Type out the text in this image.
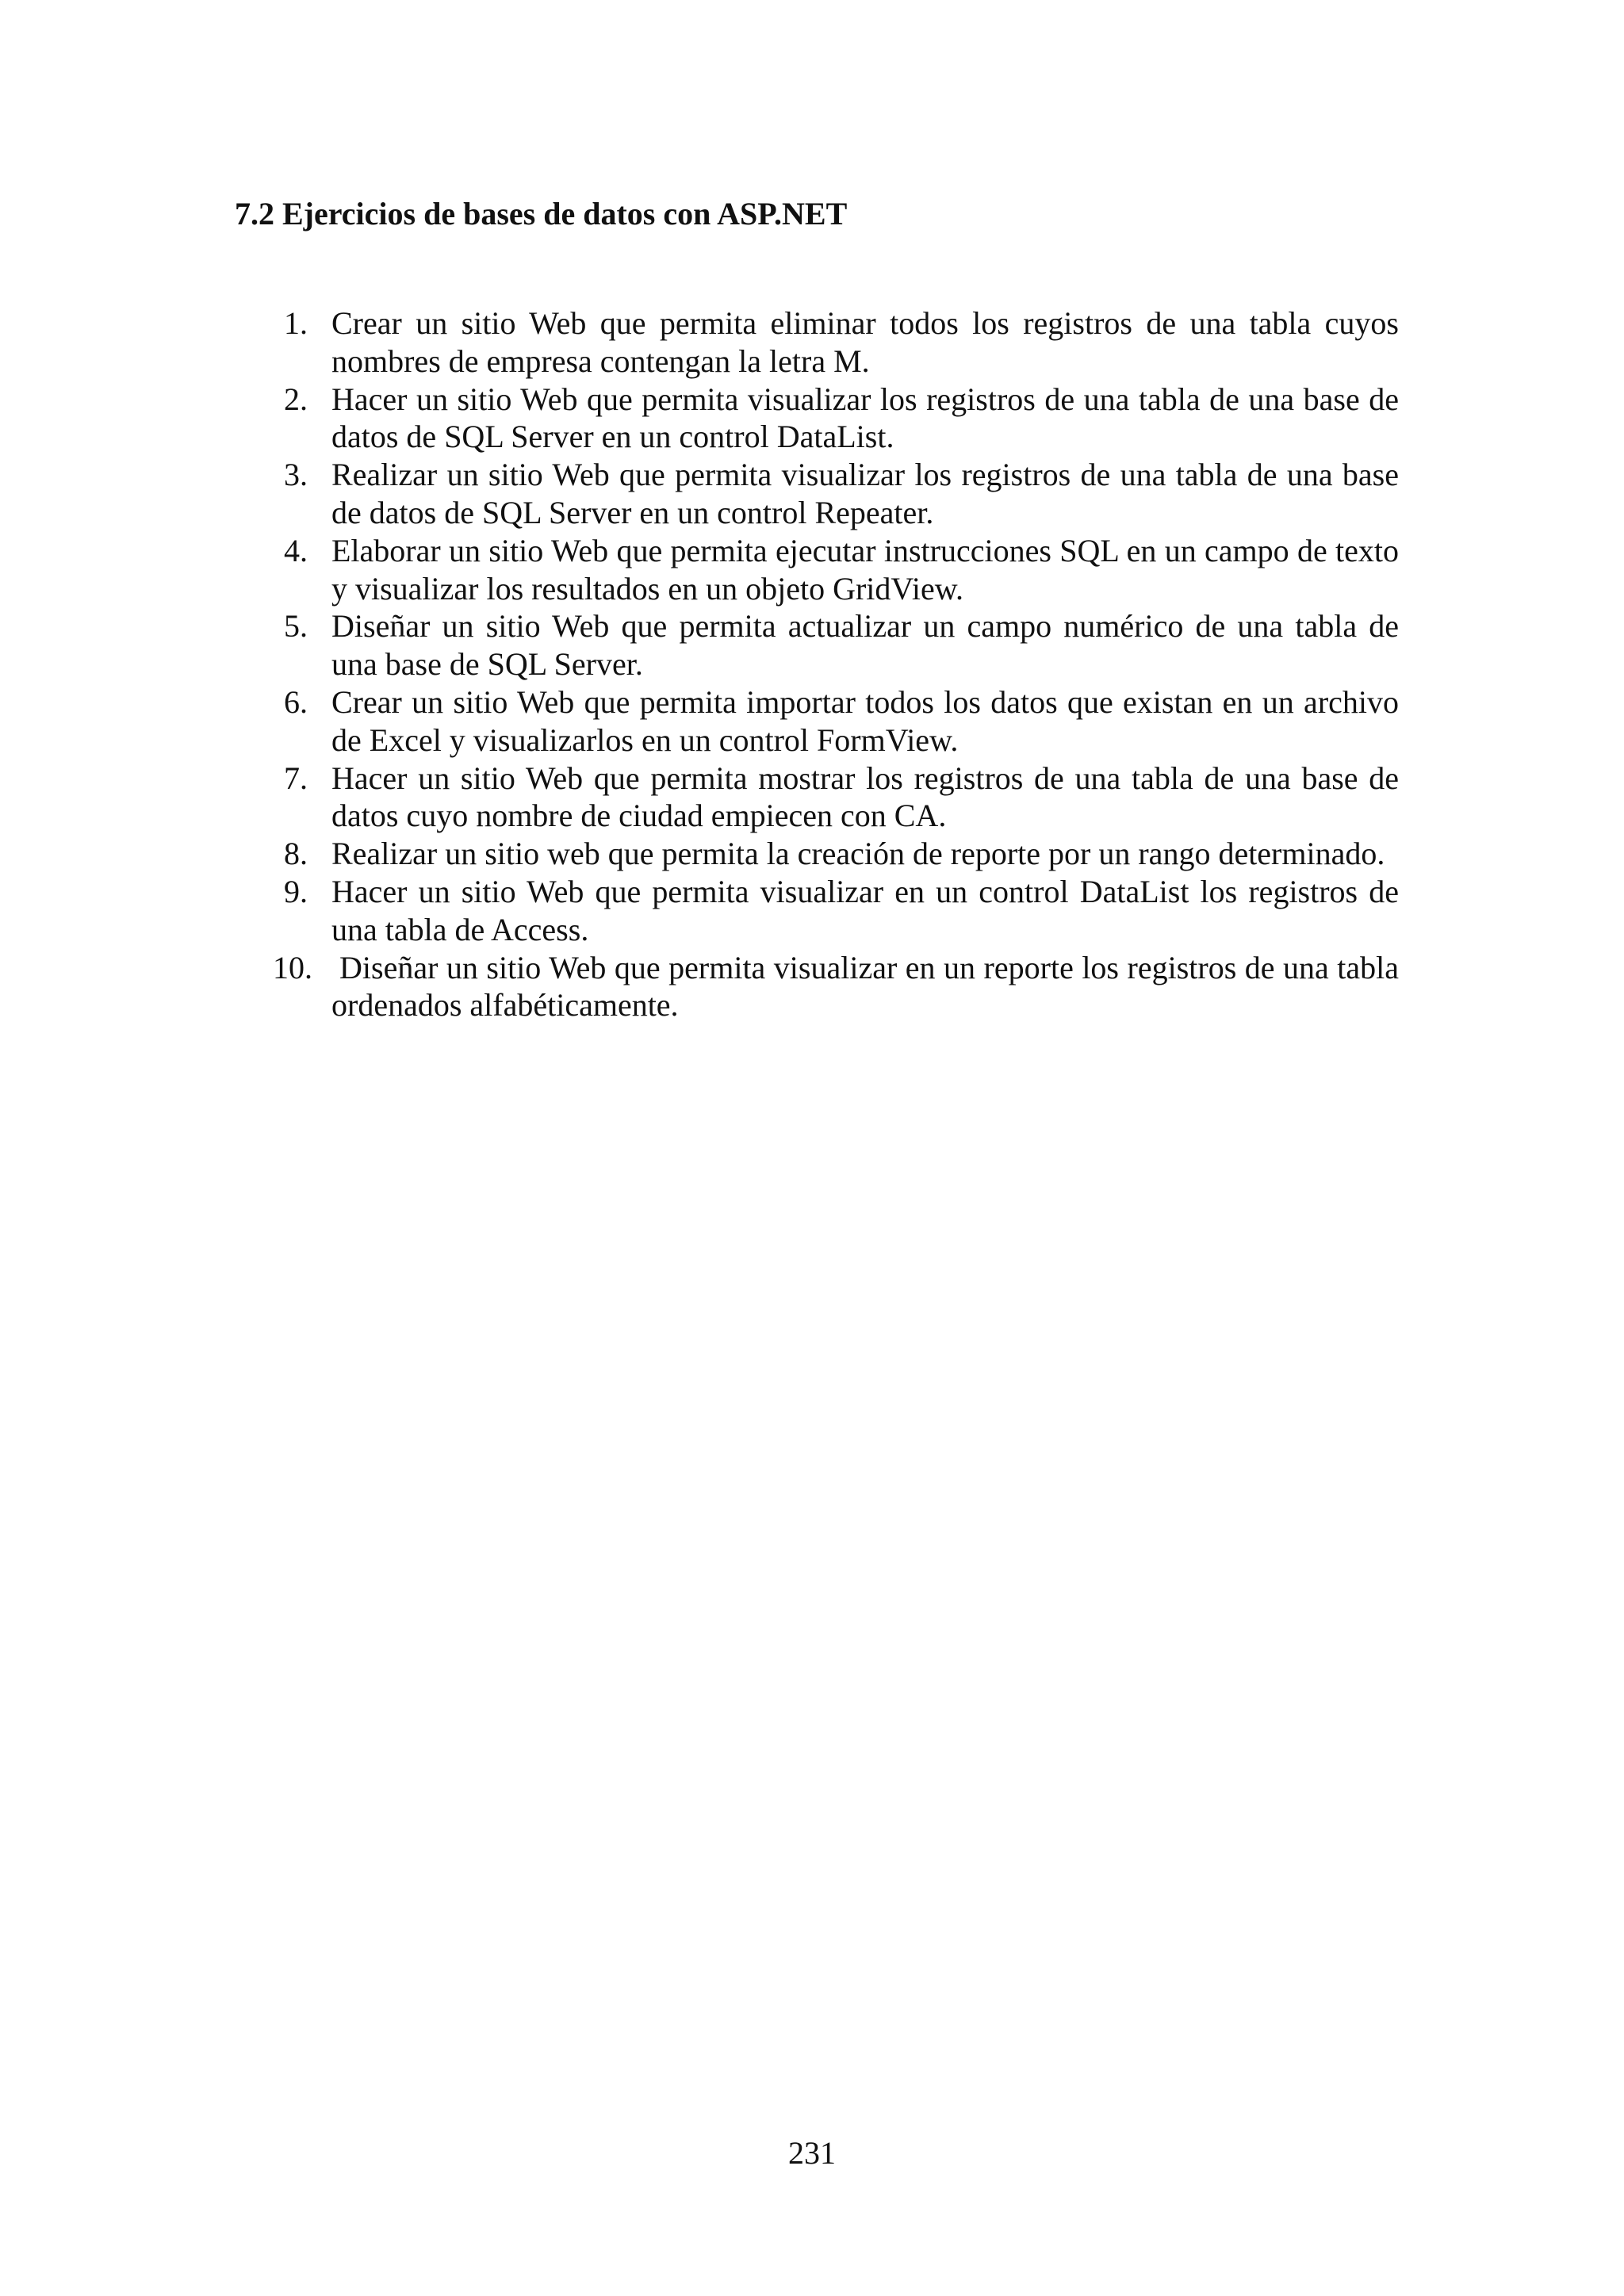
7.2 Ejercicios de bases de datos con ASP.NET
1. Crear un sitio Web que permita eliminar todos los registros de una tabla cuyos nombres de empresa contengan la letra M.
2. Hacer un sitio Web que permita visualizar los registros de una tabla de una base de datos de SQL Server en un control DataList.
3. Realizar un sitio Web que permita visualizar los registros de una tabla de una base de datos de SQL Server en un control Repeater.
4. Elaborar un sitio Web que permita ejecutar instrucciones SQL en un campo de texto y visualizar los resultados en un objeto GridView.
5. Diseñar un sitio Web que permita actualizar un campo numérico de una tabla de una base de SQL Server.
6. Crear un sitio Web que permita importar todos los datos que existan en un archivo de Excel y visualizarlos en un control FormView.
7. Hacer un sitio Web que permita mostrar los registros de una tabla de una base de datos cuyo nombre de ciudad empiecen con CA.
8. Realizar un sitio web que permita la creación de reporte por un rango determinado.
9. Hacer un sitio Web que permita visualizar en un control DataList los registros de una tabla de Access.
10. Diseñar un sitio Web que permita visualizar en un reporte los registros de una tabla ordenados alfabéticamente.
231
